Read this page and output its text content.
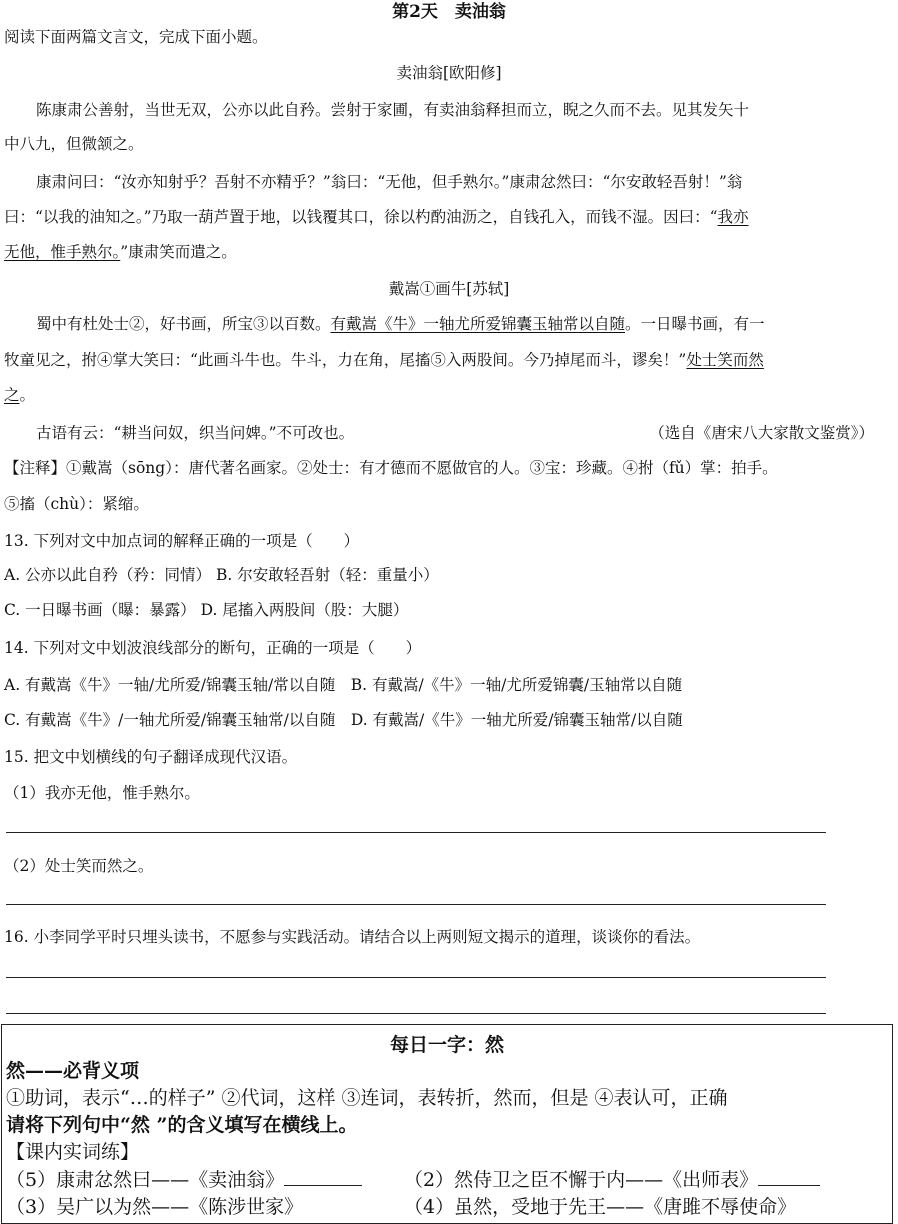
第2天　卖油翁
阅读下面两篇文言文，完成下面小题。
卖油翁[欧阳修]
陈康肃公善射，当世无双，公亦以此自矜。尝射于家圃，有卖油翁释担而立，睨之久而不去。见其发矢十
中八九，但微颔之。
康肃问曰：“汝亦知射乎？吾射不亦精乎？”翁曰：“无他，但手熟尔。”康肃忿然曰：“尔安敢轻吾射！”翁
曰：“以我的油知之。”乃取一葫芦置于地，以钱覆其口，徐以杓酌油沥之，自钱孔入，而钱不湿。因曰：“我亦
无他，惟手熟尔。”康肃笑而遣之。
戴嵩①画牛[苏轼]
蜀中有杜处士②，好书画，所宝③以百数。有戴嵩《牛》一轴尤所爱锦囊玉轴常以自随。一日曝书画，有一
牧童见之，拊④掌大笑曰：“此画斗牛也。牛斗，力在角，尾搐⑤入两股间。今乃掉尾而斗，谬矣！”处士笑而然
之。
古语有云：“耕当问奴，织当问婢。”不可改也。	（选自《唐宋八大家散文鉴赏》）
【注释】①戴嵩（sōng）：唐代著名画家。②处士：有才德而不愿做官的人。③宝：珍藏。④拊（fǔ）掌：拍手。
⑤搐（chù）：紧缩。
13. 下列对文中加点词的解释正确的一项是（　　）
A. 公亦以此自矜（矜：同情） B. 尔安敢轻吾射（轻：重量小）
C. 一日曝书画（曝：暴露） D. 尾搐入两股间（股：大腿）
14. 下列对文中划波浪线部分的断句，正确的一项是（　　）
A. 有戴嵩《牛》一轴/尤所爱/锦囊玉轴/常以自随　B. 有戴嵩/《牛》一轴/尤所爱锦囊/玉轴常以自随
C. 有戴嵩《牛》/一轴尤所爱/锦囊玉轴常/以自随　D. 有戴嵩/《牛》一轴尤所爱/锦囊玉轴常/以自随
15. 把文中划横线的句子翻译成现代汉语。
（1）我亦无他，惟手熟尔。
（2）处士笑而然之。
16. 小李同学平时只埋头读书，不愿参与实践活动。请结合以上两则短文揭示的道理，谈谈你的看法。
每日一字：然
然——必背义项
①助词，表示“…的样子” ②代词，这样 ③连词，表转折，然而，但是 ④表认可，正确
请将下列句中“然 ”的含义填写在横线上。
【课内实词练】
（5）康肃忿然曰——《卖油翁》	（2）然侍卫之臣不懈于内——《出师表》
（3）吴广以为然——《陈涉世家》	（4）虽然，受地于先王——《唐雎不辱使命》
